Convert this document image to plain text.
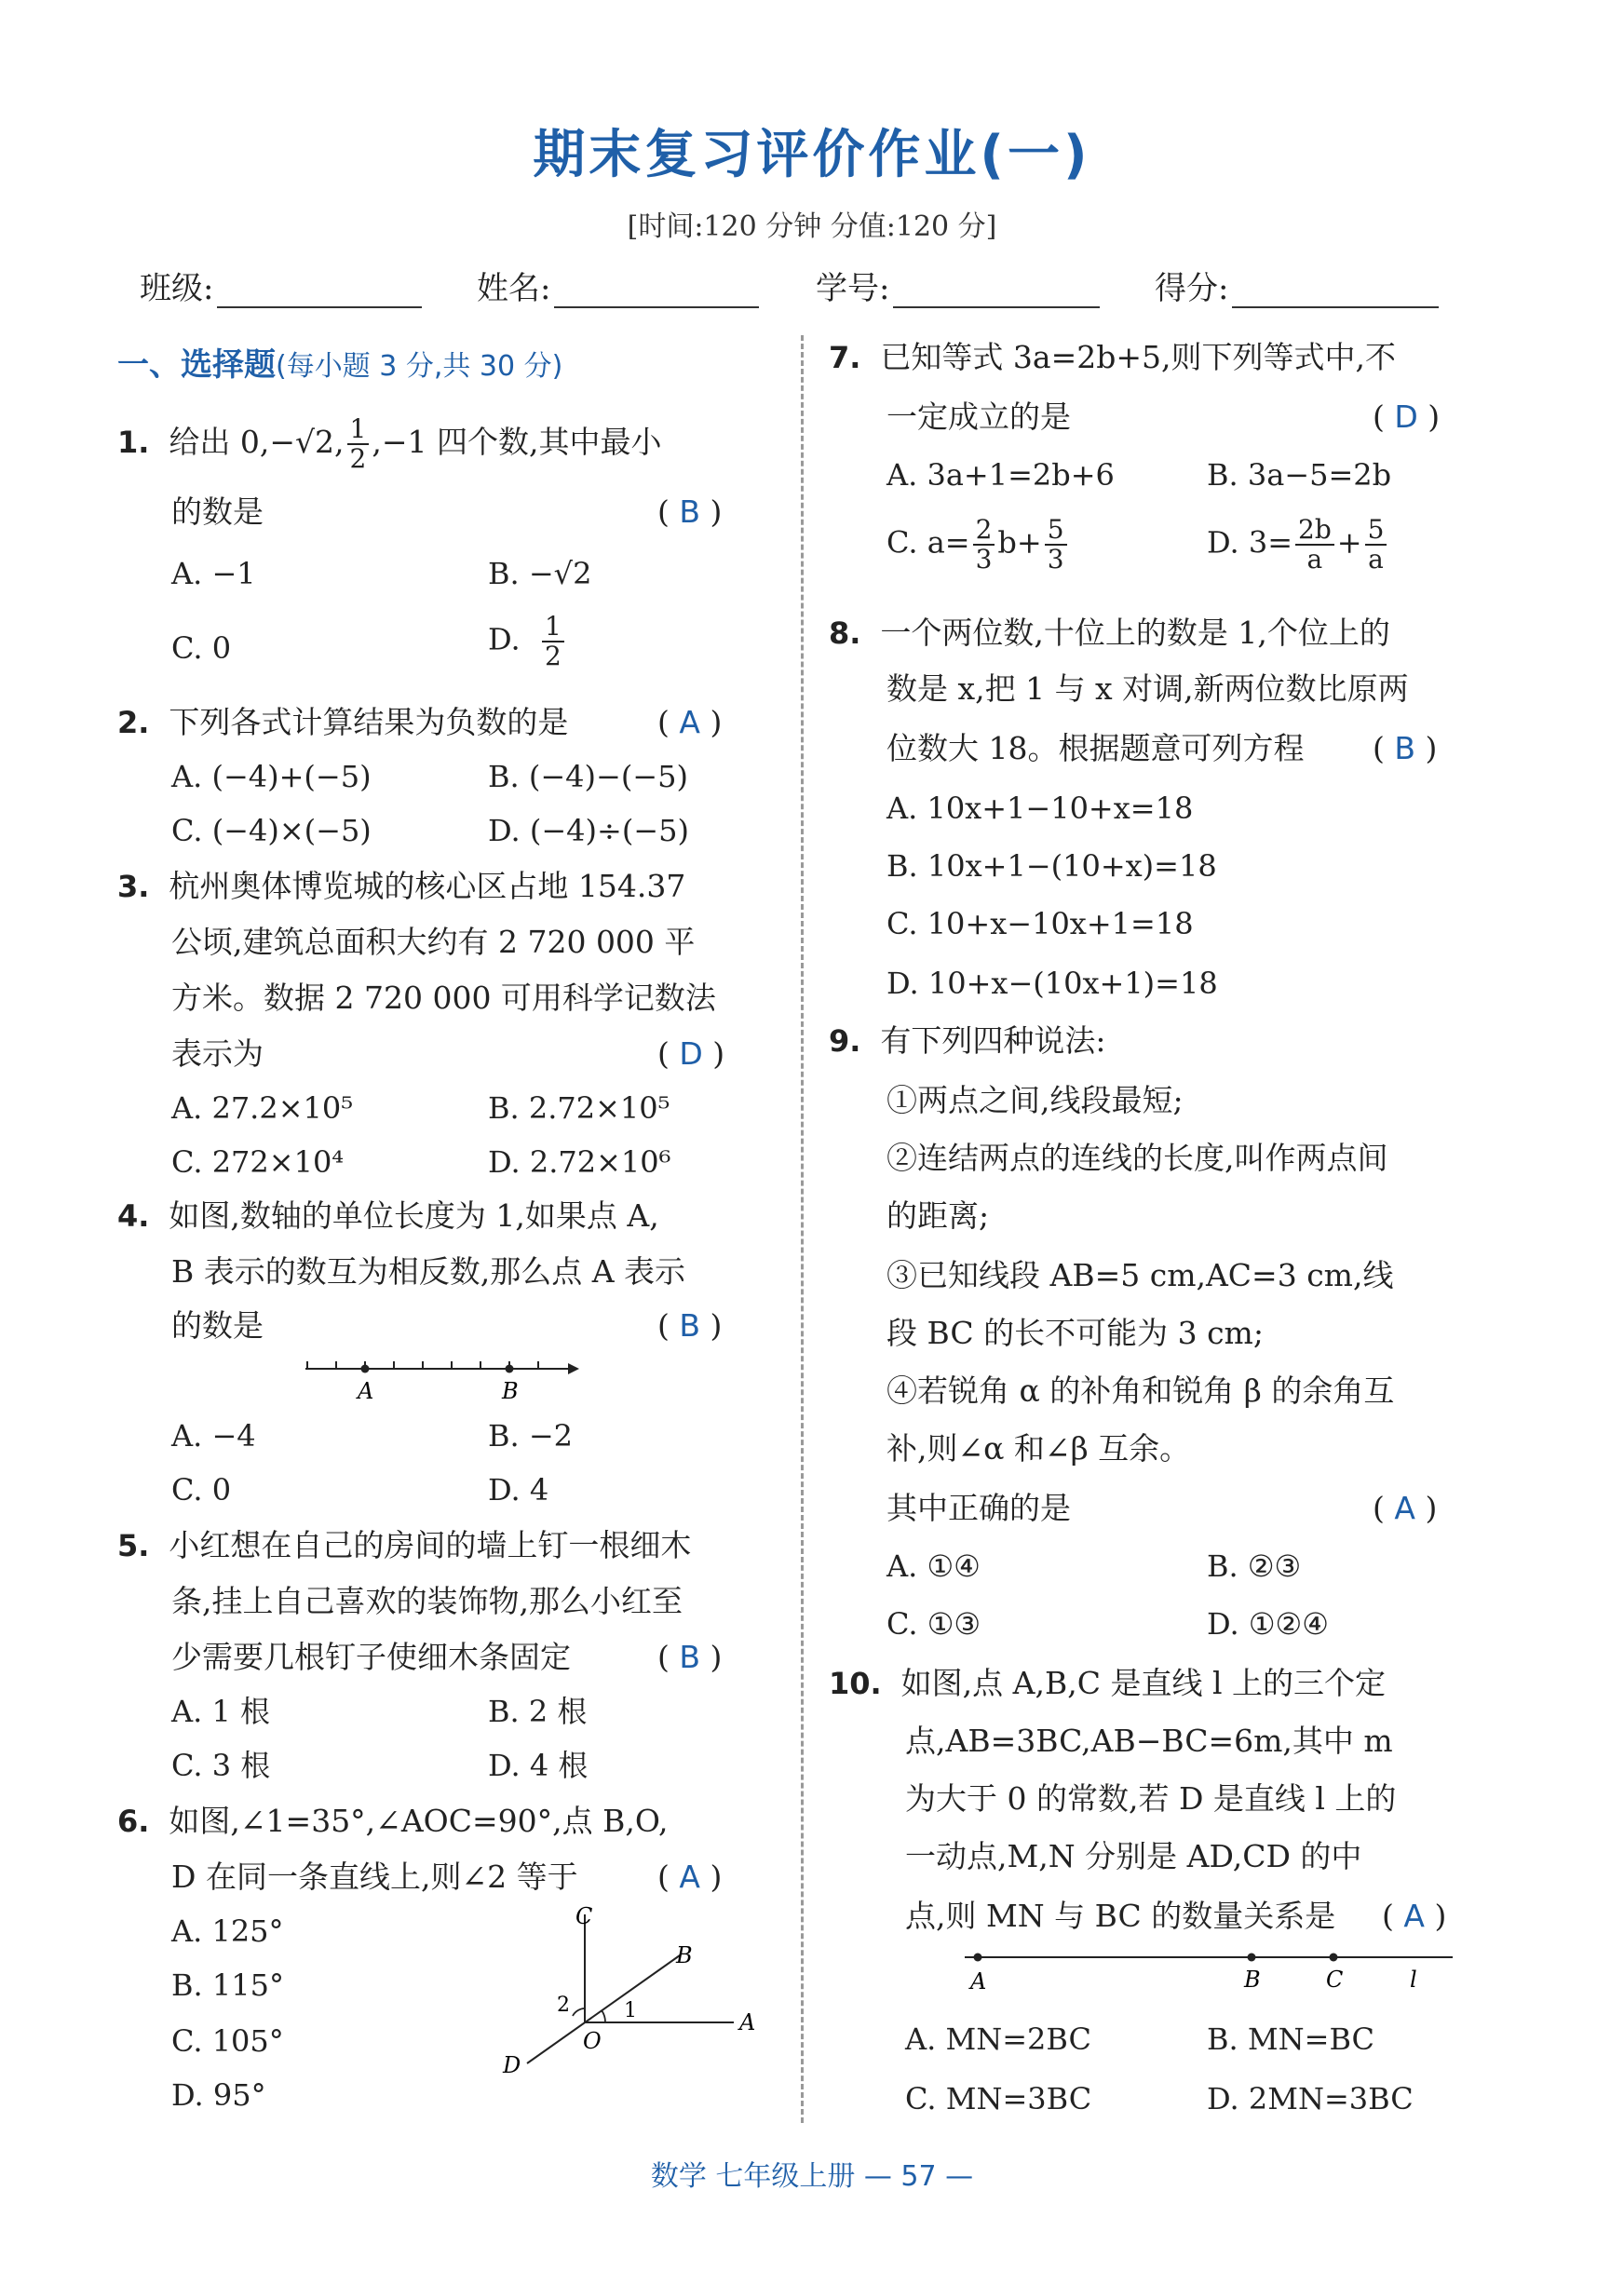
期末复习评价作业(一)
[时间:120 分钟 分值:120 分]
班级:	姓名:	学号:	得分:
一、选择题(每小题 3 分,共 30 分)
1. 给出 0,−√2, $\frac{1}{2} ,-1$ 四个数,其中最小
的数是	( B )
A. −1	B. −√2
C. 0	D. $\frac{1}{2}$
2. 下列各式计算结果为负数的是	( A )
A. (−4)+(−5)	B. (−4)−(−5)
C. (−4)×(−5)	D. (−4)÷(−5)
3. 杭州奥体博览城的核心区占地 154.37
公顷,建筑总面积大约有 2 720 000 平
方米。数据 2 720 000 可用科学记数法
表示为	( D )
A. 27.2×10⁵	B. 2.72×10⁵
C. 272×10⁴	D. 2.72×10⁶
4. 如图,数轴的单位长度为 1,如果点 A,
B 表示的数互为相反数,那么点 A 表示
的数是	( B )
A	B
A. −4	B. −2
C. 0	D. 4
5. 小红想在自己的房间的墙上钉一根细木
条,挂上自己喜欢的装饰物,那么小红至
少需要几根钉子使细木条固定	( B )
A. 1 根	B. 2 根
C. 3 根	D. 4 根
6. 如图,∠1=35°,∠AOC=90°,点 B,O,
D 在同一条直线上,则∠2 等于	( A )
A. 125°
B. 115°
C. 105°
D. 95°
C
B
A
O
D
1
2
7. 已知等式 3a=2b+5,则下列等式中,不
一定成立的是	( D )
A. 3a+1=2b+6	B. 3a−5=2b
C. $a= \frac{2}{3} b+ \frac{5}{3}$	D. $3= \frac{2b}{a} + \frac{5}{a}$
8. 一个两位数,十位上的数是 1,个位上的
数是 x,把 1 与 x 对调,新两位数比原两
位数大 18。根据题意可列方程 ( B )
A. 10x+1−10+x=18
B. 10x+1−(10+x)=18
C. 10+x−10x+1=18
D. 10+x−(10x+1)=18
9. 有下列四种说法:
①两点之间,线段最短;
②连结两点的连线的长度,叫作两点间
的距离;
③已知线段 AB=5 cm,AC=3 cm,线
段 BC 的长不可能为 3 cm;
④若锐角 α 的补角和锐角 β 的余角互
补,则∠α 和∠β 互余。
其中正确的是	( A )
A. ①④	B. ②③
C. ①③	D. ①②④
10. 如图,点 A,B,C 是直线 l 上的三个定
点,AB=3BC,AB−BC=6m,其中 m
为大于 0 的常数,若 D 是直线 l 上的
一动点,M,N 分别是 AD,CD 的中
点,则 MN 与 BC 的数量关系是 ( A )
A	B	C	l
A. MN=2BC	B. MN=BC
C. MN=3BC	D. 2MN=3BC
数学 七年级上册 — 57 —
